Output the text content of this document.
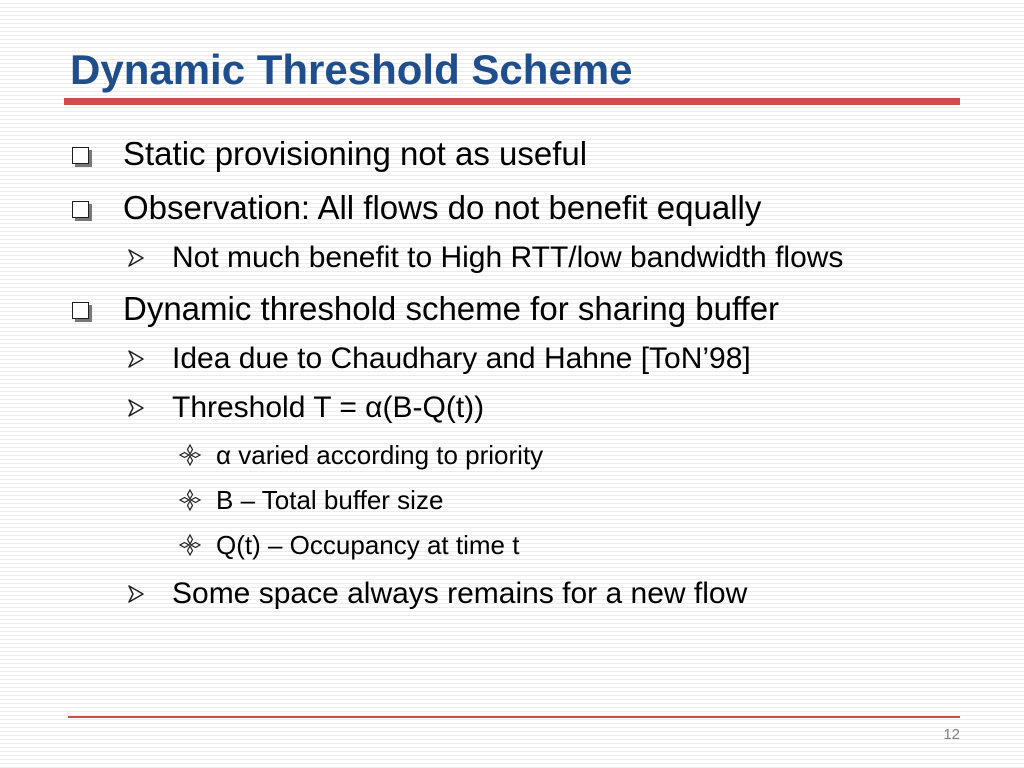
Dynamic Threshold Scheme
Static provisioning not as useful
Observation: All flows do not benefit equally
Not much benefit to High RTT/low bandwidth flows
Dynamic threshold scheme for sharing buffer
Idea due to Chaudhary and Hahne [ToN’98]
Threshold T = α(B-Q(t))
α varied according to priority
B – Total buffer size
Q(t) – Occupancy at time t
Some space always remains for a new flow
12
